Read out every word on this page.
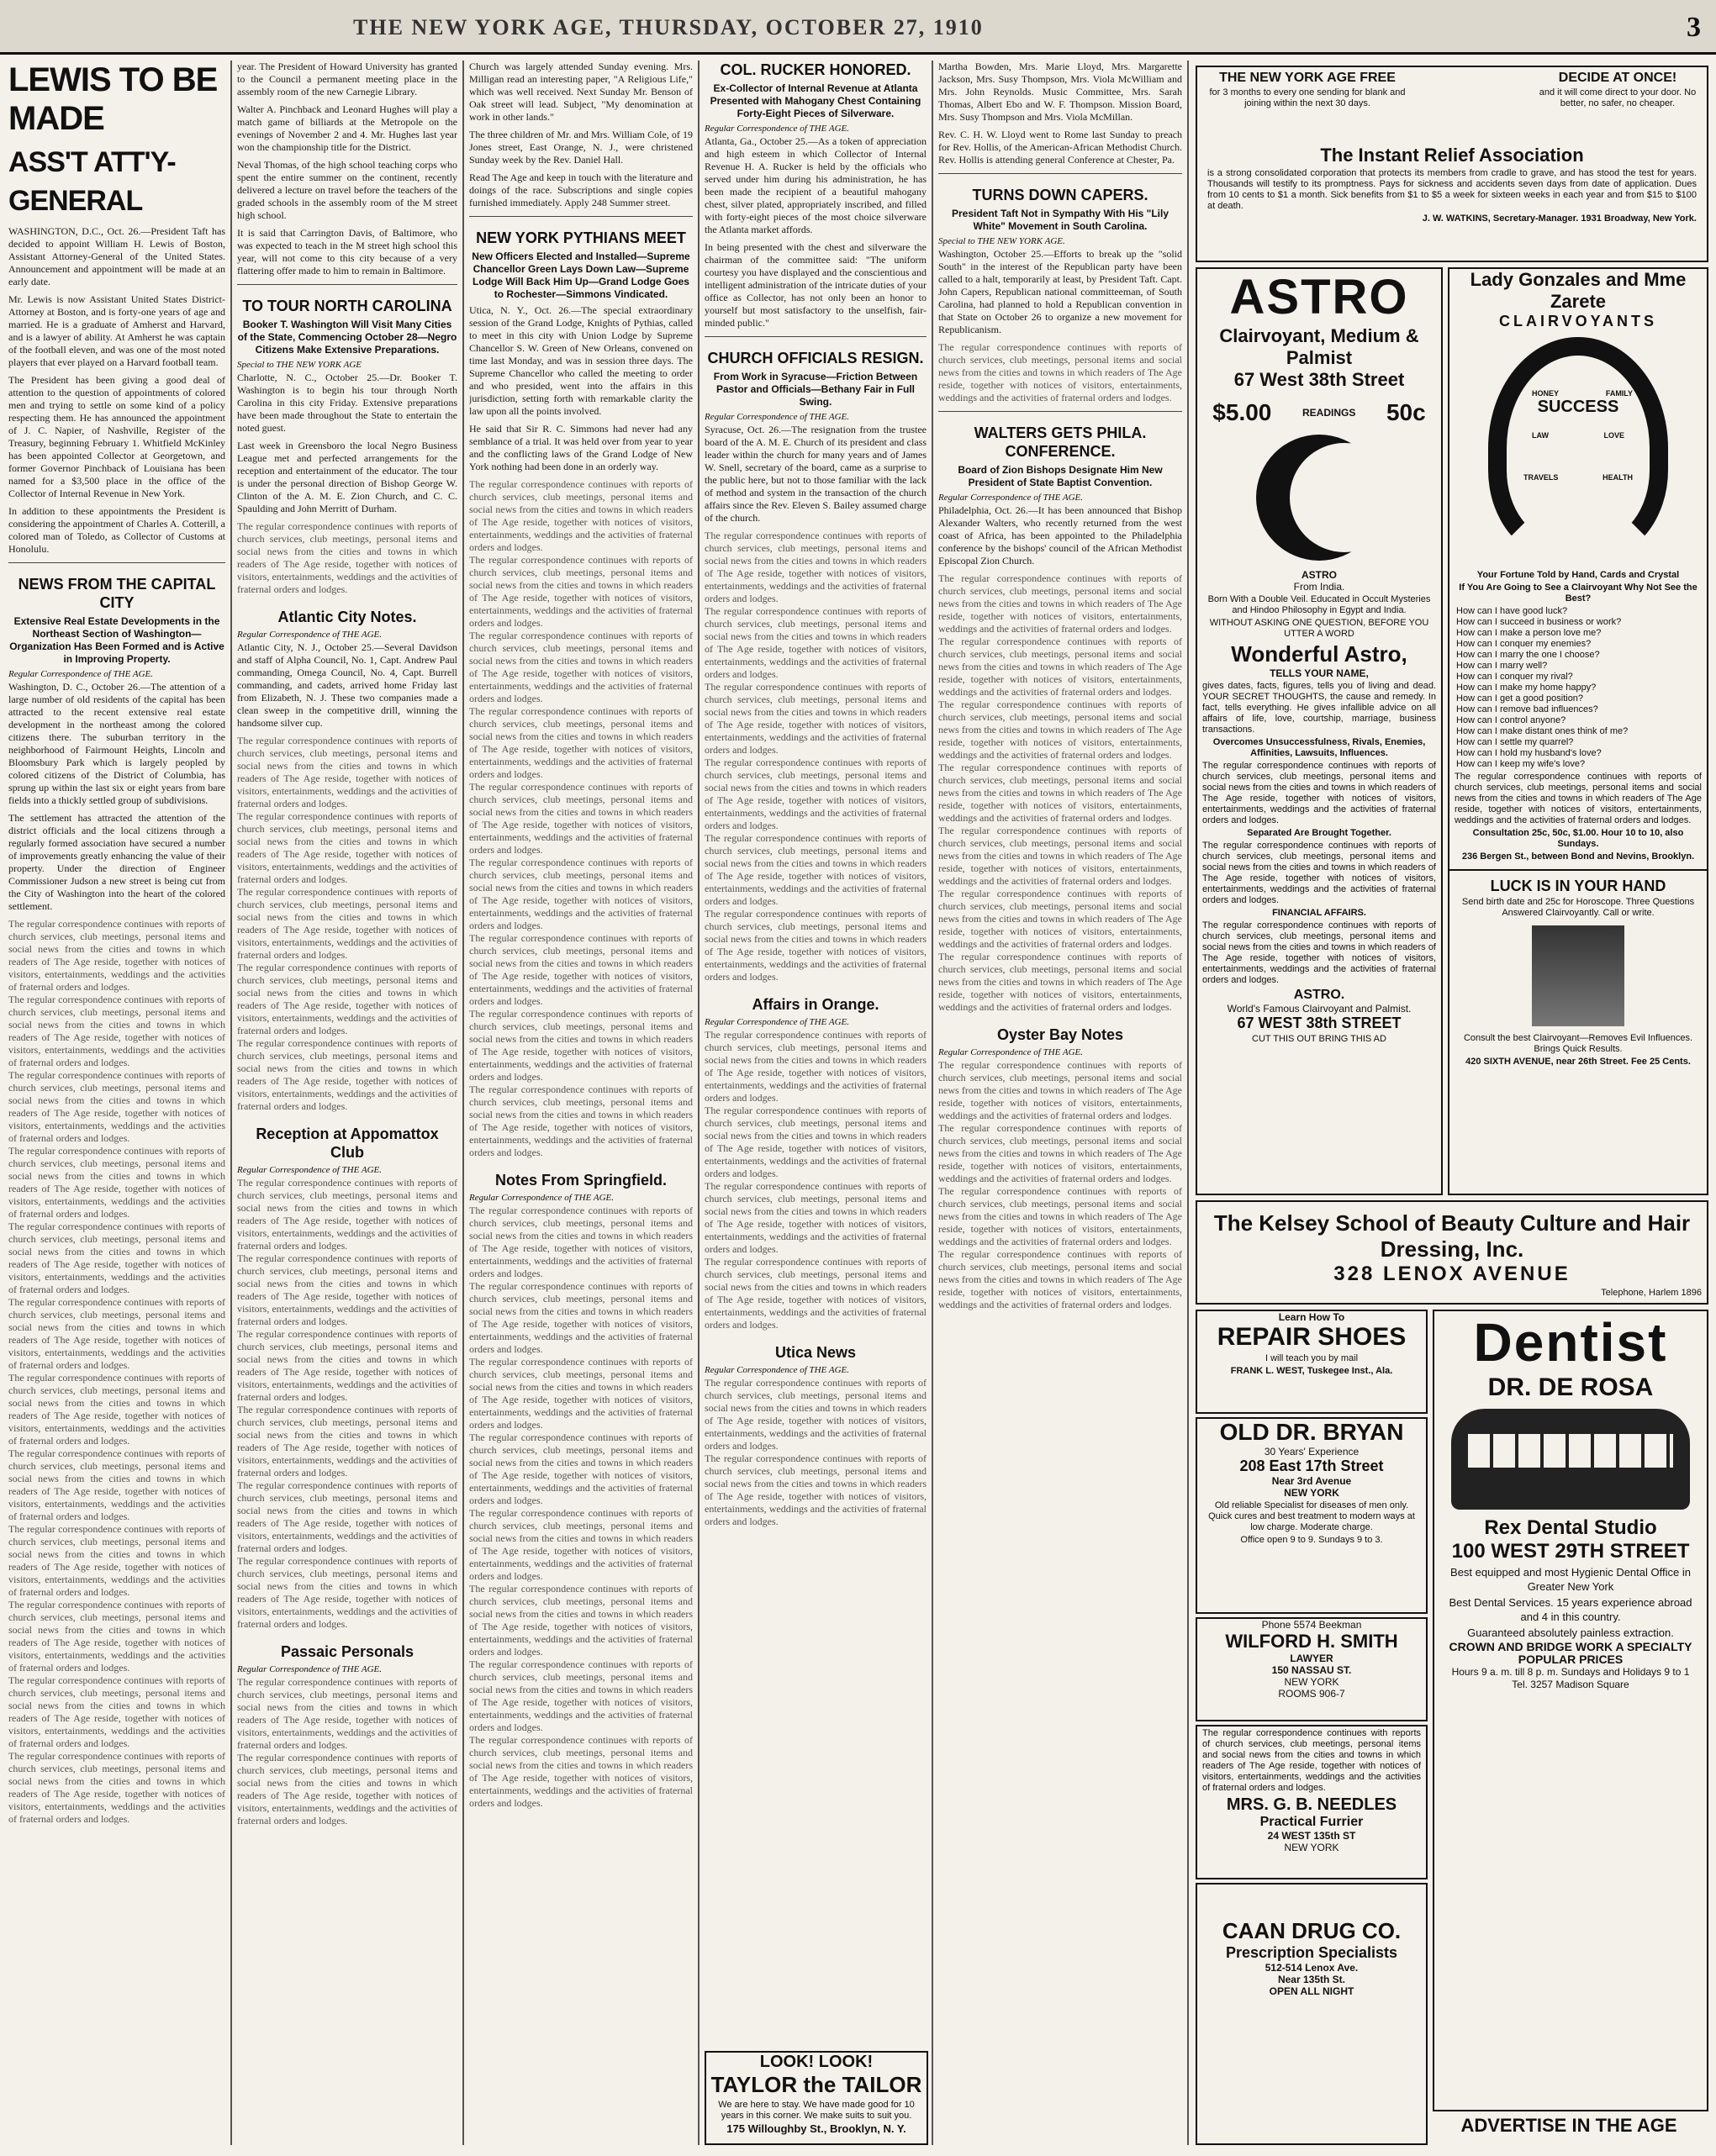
THE NEW YORK AGE, THURSDAY, OCTOBER 27, 1910	3
LEWIS TO BE MADE
ASS'T ATT'Y-GENERAL

WASHINGTON, D.C., Oct. 26.—President Taft has decided to appoint William H. Lewis of Boston, Assistant Attorney-General of the United States. Announcement and appointment will be made at an early date.

Mr. Lewis is now Assistant United States District-Attorney at Boston, and is forty-one years of age and married. He is a graduate of Amherst and Harvard, and is a lawyer of ability. At Amherst he was captain of the football eleven, and was one of the most noted players that ever played on a Harvard football team.

The President has been giving a good deal of attention to the question of appointments of colored men and trying to settle on some kind of a policy respecting them. He has announced the appointment of J. C. Napier, of Nashville, Register of the Treasury, beginning February 1. Whitfield McKinley has been appointed Collector at Georgetown, and former Governor Pinchback of Louisiana has been named for a $3,500 place in the office of the Collector of Internal Revenue in New York.

In addition to these appointments the President is considering the appointment of Charles A. Cotterill, a colored man of Toledo, as Collector of Customs at Honolulu.

NEWS FROM THE CAPITAL CITY
Extensive Real Estate Developments in the Northeast Section of Washington—Organization Has Been Formed and is Active in Improving Property.
Regular Correspondence of THE AGE.

Washington, D. C., October 26.—The attention of a large number of old residents of the capital has been attracted to the recent extensive real estate development in the northeast among the colored citizens there. The suburban territory in the neighborhood of Fairmount Heights, Lincoln and Bloomsbury Park which is largely peopled by colored citizens of the District of Columbia, has sprung up within the last six or eight years from bare fields into a thickly settled group of subdivisions.

The settlement has attracted the attention of the district officials and the local citizens through a regularly formed association have secured a number of improvements greatly enhancing the value of their property. Under the direction of Engineer Commissioner Judson a new street is being cut from the City of Washington into the heart of the colored settlement.

The regular correspondence continues with reports of church services, club meetings, personal items and social news from the cities and towns in which readers of The Age reside, together with notices of visitors, entertainments, weddings and the activities of fraternal orders and lodges.

The regular correspondence continues with reports of church services, club meetings, personal items and social news from the cities and towns in which readers of The Age reside, together with notices of visitors, entertainments, weddings and the activities of fraternal orders and lodges.

The regular correspondence continues with reports of church services, club meetings, personal items and social news from the cities and towns in which readers of The Age reside, together with notices of visitors, entertainments, weddings and the activities of fraternal orders and lodges.

The regular correspondence continues with reports of church services, club meetings, personal items and social news from the cities and towns in which readers of The Age reside, together with notices of visitors, entertainments, weddings and the activities of fraternal orders and lodges.

The regular correspondence continues with reports of church services, club meetings, personal items and social news from the cities and towns in which readers of The Age reside, together with notices of visitors, entertainments, weddings and the activities of fraternal orders and lodges.

The regular correspondence continues with reports of church services, club meetings, personal items and social news from the cities and towns in which readers of The Age reside, together with notices of visitors, entertainments, weddings and the activities of fraternal orders and lodges.

The regular correspondence continues with reports of church services, club meetings, personal items and social news from the cities and towns in which readers of The Age reside, together with notices of visitors, entertainments, weddings and the activities of fraternal orders and lodges.

The regular correspondence continues with reports of church services, club meetings, personal items and social news from the cities and towns in which readers of The Age reside, together with notices of visitors, entertainments, weddings and the activities of fraternal orders and lodges.

The regular correspondence continues with reports of church services, club meetings, personal items and social news from the cities and towns in which readers of The Age reside, together with notices of visitors, entertainments, weddings and the activities of fraternal orders and lodges.

The regular correspondence continues with reports of church services, club meetings, personal items and social news from the cities and towns in which readers of The Age reside, together with notices of visitors, entertainments, weddings and the activities of fraternal orders and lodges.

The regular correspondence continues with reports of church services, club meetings, personal items and social news from the cities and towns in which readers of The Age reside, together with notices of visitors, entertainments, weddings and the activities of fraternal orders and lodges.

The regular correspondence continues with reports of church services, club meetings, personal items and social news from the cities and towns in which readers of The Age reside, together with notices of visitors, entertainments, weddings and the activities of fraternal orders and lodges.

year. The President of Howard University has granted to the Council a permanent meeting place in the assembly room of the new Carnegie Library.

Walter A. Pinchback and Leonard Hughes will play a match game of billiards at the Metropole on the evenings of November 2 and 4. Mr. Hughes last year won the championship title for the District.

Neval Thomas, of the high school teaching corps who spent the entire summer on the continent, recently delivered a lecture on travel before the teachers of the graded schools in the assembly room of the M street high school.

It is said that Carrington Davis, of Baltimore, who was expected to teach in the M street high school this year, will not come to this city because of a very flattering offer made to him to remain in Baltimore.

TO TOUR NORTH CAROLINA
Booker T. Washington Will Visit Many Cities of the State, Commencing October 28—Negro Citizens Make Extensive Preparations.
Special to THE NEW YORK AGE

Charlotte, N. C., October 25.—Dr. Booker T. Washington is to begin his tour through North Carolina in this city Friday. Extensive preparations have been made throughout the State to entertain the noted guest.

Last week in Greensboro the local Negro Business League met and perfected arrangements for the reception and entertainment of the educator. The tour is under the personal direction of Bishop George W. Clinton of the A. M. E. Zion Church, and C. C. Spaulding and John Merritt of Durham.

The regular correspondence continues with reports of church services, club meetings, personal items and social news from the cities and towns in which readers of The Age reside, together with notices of visitors, entertainments, weddings and the activities of fraternal orders and lodges.

Atlantic City Notes.
Regular Correspondence of THE AGE.

Atlantic City, N. J., October 25.—Several Davidson and staff of Alpha Council, No. 1, Capt. Andrew Paul commanding, Omega Council, No. 4, Capt. Burrell commanding, and cadets, arrived home Friday last from Elizabeth, N. J. These two companies made a clean sweep in the competitive drill, winning the handsome silver cup.

The regular correspondence continues with reports of church services, club meetings, personal items and social news from the cities and towns in which readers of The Age reside, together with notices of visitors, entertainments, weddings and the activities of fraternal orders and lodges.

The regular correspondence continues with reports of church services, club meetings, personal items and social news from the cities and towns in which readers of The Age reside, together with notices of visitors, entertainments, weddings and the activities of fraternal orders and lodges.

The regular correspondence continues with reports of church services, club meetings, personal items and social news from the cities and towns in which readers of The Age reside, together with notices of visitors, entertainments, weddings and the activities of fraternal orders and lodges.

The regular correspondence continues with reports of church services, club meetings, personal items and social news from the cities and towns in which readers of The Age reside, together with notices of visitors, entertainments, weddings and the activities of fraternal orders and lodges.

The regular correspondence continues with reports of church services, club meetings, personal items and social news from the cities and towns in which readers of The Age reside, together with notices of visitors, entertainments, weddings and the activities of fraternal orders and lodges.

Reception at Appomattox Club
Regular Correspondence of THE AGE.

The regular correspondence continues with reports of church services, club meetings, personal items and social news from the cities and towns in which readers of The Age reside, together with notices of visitors, entertainments, weddings and the activities of fraternal orders and lodges.

The regular correspondence continues with reports of church services, club meetings, personal items and social news from the cities and towns in which readers of The Age reside, together with notices of visitors, entertainments, weddings and the activities of fraternal orders and lodges.

The regular correspondence continues with reports of church services, club meetings, personal items and social news from the cities and towns in which readers of The Age reside, together with notices of visitors, entertainments, weddings and the activities of fraternal orders and lodges.

The regular correspondence continues with reports of church services, club meetings, personal items and social news from the cities and towns in which readers of The Age reside, together with notices of visitors, entertainments, weddings and the activities of fraternal orders and lodges.

The regular correspondence continues with reports of church services, club meetings, personal items and social news from the cities and towns in which readers of The Age reside, together with notices of visitors, entertainments, weddings and the activities of fraternal orders and lodges.

The regular correspondence continues with reports of church services, club meetings, personal items and social news from the cities and towns in which readers of The Age reside, together with notices of visitors, entertainments, weddings and the activities of fraternal orders and lodges.

Passaic Personals
Regular Correspondence of THE AGE.

The regular correspondence continues with reports of church services, club meetings, personal items and social news from the cities and towns in which readers of The Age reside, together with notices of visitors, entertainments, weddings and the activities of fraternal orders and lodges.

The regular correspondence continues with reports of church services, club meetings, personal items and social news from the cities and towns in which readers of The Age reside, together with notices of visitors, entertainments, weddings and the activities of fraternal orders and lodges.

Church was largely attended Sunday evening. Mrs. Milligan read an interesting paper, "A Religious Life," which was well received. Next Sunday Mr. Benson of Oak street will lead. Subject, "My denomination at work in other lands."

The three children of Mr. and Mrs. William Cole, of 19 Jones street, East Orange, N. J., were christened Sunday week by the Rev. Daniel Hall.

Read The Age and keep in touch with the literature and doings of the race. Subscriptions and single copies furnished immediately. Apply 248 Summer street.

NEW YORK PYTHIANS MEET
New Officers Elected and Installed—Supreme Chancellor Green Lays Down Law—Supreme Lodge Will Back Him Up—Grand Lodge Goes to Rochester—Simmons Vindicated.

Utica, N. Y., Oct. 26.—The special extraordinary session of the Grand Lodge, Knights of Pythias, called to meet in this city with Union Lodge by Supreme Chancellor S. W. Green of New Orleans, convened on time last Monday, and was in session three days. The Supreme Chancellor who called the meeting to order and who presided, went into the affairs in this jurisdiction, setting forth with remarkable clarity the law upon all the points involved.

He said that Sir R. C. Simmons had never had any semblance of a trial. It was held over from year to year and the conflicting laws of the Grand Lodge of New York nothing had been done in an orderly way.

The regular correspondence continues with reports of church services, club meetings, personal items and social news from the cities and towns in which readers of The Age reside, together with notices of visitors, entertainments, weddings and the activities of fraternal orders and lodges.

The regular correspondence continues with reports of church services, club meetings, personal items and social news from the cities and towns in which readers of The Age reside, together with notices of visitors, entertainments, weddings and the activities of fraternal orders and lodges.

The regular correspondence continues with reports of church services, club meetings, personal items and social news from the cities and towns in which readers of The Age reside, together with notices of visitors, entertainments, weddings and the activities of fraternal orders and lodges.

The regular correspondence continues with reports of church services, club meetings, personal items and social news from the cities and towns in which readers of The Age reside, together with notices of visitors, entertainments, weddings and the activities of fraternal orders and lodges.

The regular correspondence continues with reports of church services, club meetings, personal items and social news from the cities and towns in which readers of The Age reside, together with notices of visitors, entertainments, weddings and the activities of fraternal orders and lodges.

The regular correspondence continues with reports of church services, club meetings, personal items and social news from the cities and towns in which readers of The Age reside, together with notices of visitors, entertainments, weddings and the activities of fraternal orders and lodges.

The regular correspondence continues with reports of church services, club meetings, personal items and social news from the cities and towns in which readers of The Age reside, together with notices of visitors, entertainments, weddings and the activities of fraternal orders and lodges.

The regular correspondence continues with reports of church services, club meetings, personal items and social news from the cities and towns in which readers of The Age reside, together with notices of visitors, entertainments, weddings and the activities of fraternal orders and lodges.

The regular correspondence continues with reports of church services, club meetings, personal items and social news from the cities and towns in which readers of The Age reside, together with notices of visitors, entertainments, weddings and the activities of fraternal orders and lodges.

Notes From Springfield.
Regular Correspondence of THE AGE.

The regular correspondence continues with reports of church services, club meetings, personal items and social news from the cities and towns in which readers of The Age reside, together with notices of visitors, entertainments, weddings and the activities of fraternal orders and lodges.

The regular correspondence continues with reports of church services, club meetings, personal items and social news from the cities and towns in which readers of The Age reside, together with notices of visitors, entertainments, weddings and the activities of fraternal orders and lodges.

The regular correspondence continues with reports of church services, club meetings, personal items and social news from the cities and towns in which readers of The Age reside, together with notices of visitors, entertainments, weddings and the activities of fraternal orders and lodges.

The regular correspondence continues with reports of church services, club meetings, personal items and social news from the cities and towns in which readers of The Age reside, together with notices of visitors, entertainments, weddings and the activities of fraternal orders and lodges.

The regular correspondence continues with reports of church services, club meetings, personal items and social news from the cities and towns in which readers of The Age reside, together with notices of visitors, entertainments, weddings and the activities of fraternal orders and lodges.

The regular correspondence continues with reports of church services, club meetings, personal items and social news from the cities and towns in which readers of The Age reside, together with notices of visitors, entertainments, weddings and the activities of fraternal orders and lodges.

The regular correspondence continues with reports of church services, club meetings, personal items and social news from the cities and towns in which readers of The Age reside, together with notices of visitors, entertainments, weddings and the activities of fraternal orders and lodges.

The regular correspondence continues with reports of church services, club meetings, personal items and social news from the cities and towns in which readers of The Age reside, together with notices of visitors, entertainments, weddings and the activities of fraternal orders and lodges.

COL. RUCKER HONORED.
Ex-Collector of Internal Revenue at Atlanta Presented with Mahogany Chest Containing Forty-Eight Pieces of Silverware.
Regular Correspondence of THE AGE.

Atlanta, Ga., October 25.—As a token of appreciation and high esteem in which Collector of Internal Revenue H. A. Rucker is held by the officials who served under him during his administration, he has been made the recipient of a beautiful mahogany chest, silver plated, appropriately inscribed, and filled with forty-eight pieces of the most choice silverware the Atlanta market affords.

In being presented with the chest and silverware the chairman of the committee said: "The uniform courtesy you have displayed and the conscientious and intelligent administration of the intricate duties of your office as Collector, has not only been an honor to yourself but most satisfactory to the unselfish, fair-minded public."

CHURCH OFFICIALS RESIGN.
From Work in Syracuse—Friction Between Pastor and Officials—Bethany Fair in Full Swing.
Regular Correspondence of THE AGE.

Syracuse, Oct. 26.—The resignation from the trustee board of the A. M. E. Church of its president and class leader within the church for many years and of James W. Snell, secretary of the board, came as a surprise to the public here, but not to those familiar with the lack of method and system in the transaction of the church affairs since the Rev. Eleven S. Bailey assumed charge of the church.

The regular correspondence continues with reports of church services, club meetings, personal items and social news from the cities and towns in which readers of The Age reside, together with notices of visitors, entertainments, weddings and the activities of fraternal orders and lodges.

The regular correspondence continues with reports of church services, club meetings, personal items and social news from the cities and towns in which readers of The Age reside, together with notices of visitors, entertainments, weddings and the activities of fraternal orders and lodges.

The regular correspondence continues with reports of church services, club meetings, personal items and social news from the cities and towns in which readers of The Age reside, together with notices of visitors, entertainments, weddings and the activities of fraternal orders and lodges.

The regular correspondence continues with reports of church services, club meetings, personal items and social news from the cities and towns in which readers of The Age reside, together with notices of visitors, entertainments, weddings and the activities of fraternal orders and lodges.

The regular correspondence continues with reports of church services, club meetings, personal items and social news from the cities and towns in which readers of The Age reside, together with notices of visitors, entertainments, weddings and the activities of fraternal orders and lodges.

The regular correspondence continues with reports of church services, club meetings, personal items and social news from the cities and towns in which readers of The Age reside, together with notices of visitors, entertainments, weddings and the activities of fraternal orders and lodges.

Affairs in Orange.
Regular Correspondence of THE AGE.

The regular correspondence continues with reports of church services, club meetings, personal items and social news from the cities and towns in which readers of The Age reside, together with notices of visitors, entertainments, weddings and the activities of fraternal orders and lodges.

The regular correspondence continues with reports of church services, club meetings, personal items and social news from the cities and towns in which readers of The Age reside, together with notices of visitors, entertainments, weddings and the activities of fraternal orders and lodges.

The regular correspondence continues with reports of church services, club meetings, personal items and social news from the cities and towns in which readers of The Age reside, together with notices of visitors, entertainments, weddings and the activities of fraternal orders and lodges.

The regular correspondence continues with reports of church services, club meetings, personal items and social news from the cities and towns in which readers of The Age reside, together with notices of visitors, entertainments, weddings and the activities of fraternal orders and lodges.

Utica News
Regular Correspondence of THE AGE.

The regular correspondence continues with reports of church services, club meetings, personal items and social news from the cities and towns in which readers of The Age reside, together with notices of visitors, entertainments, weddings and the activities of fraternal orders and lodges.

The regular correspondence continues with reports of church services, club meetings, personal items and social news from the cities and towns in which readers of The Age reside, together with notices of visitors, entertainments, weddings and the activities of fraternal orders and lodges.

LOOK! LOOK!
TAYLOR the TAILOR

We are here to stay. We have made good for 10 years in this corner. We make suits to suit you.

175 Willoughby St., Brooklyn, N. Y.

Martha Bowden, Mrs. Marie Lloyd, Mrs. Margarette Jackson, Mrs. Susy Thompson, Mrs. Viola McWilliam and Mrs. John Reynolds. Music Committee, Mrs. Sarah Thomas, Albert Ebo and W. F. Thompson. Mission Board, Mrs. Susy Thompson and Mrs. Viola McMillan.

Rev. C. H. W. Lloyd went to Rome last Sunday to preach for Rev. Hollis, of the American-African Methodist Church. Rev. Hollis is attending general Conference at Chester, Pa.

TURNS DOWN CAPERS.
President Taft Not in Sympathy With His "Lily White" Movement in South Carolina.
Special to THE NEW YORK AGE.

Washington, October 25.—Efforts to break up the "solid South" in the interest of the Republican party have been called to a halt, temporarily at least, by President Taft. Capt. John Capers, Republican national committeeman, of South Carolina, had planned to hold a Republican convention in that State on October 26 to organize a new movement for Republicanism.

The regular correspondence continues with reports of church services, club meetings, personal items and social news from the cities and towns in which readers of The Age reside, together with notices of visitors, entertainments, weddings and the activities of fraternal orders and lodges.

WALTERS GETS PHILA. CONFERENCE.
Board of Zion Bishops Designate Him New President of State Baptist Convention.
Regular Correspondence of THE AGE.

Philadelphia, Oct. 26.—It has been announced that Bishop Alexander Walters, who recently returned from the west coast of Africa, has been appointed to the Philadelphia conference by the bishops' council of the African Methodist Episcopal Zion Church.

The regular correspondence continues with reports of church services, club meetings, personal items and social news from the cities and towns in which readers of The Age reside, together with notices of visitors, entertainments, weddings and the activities of fraternal orders and lodges.

The regular correspondence continues with reports of church services, club meetings, personal items and social news from the cities and towns in which readers of The Age reside, together with notices of visitors, entertainments, weddings and the activities of fraternal orders and lodges.

The regular correspondence continues with reports of church services, club meetings, personal items and social news from the cities and towns in which readers of The Age reside, together with notices of visitors, entertainments, weddings and the activities of fraternal orders and lodges.

The regular correspondence continues with reports of church services, club meetings, personal items and social news from the cities and towns in which readers of The Age reside, together with notices of visitors, entertainments, weddings and the activities of fraternal orders and lodges.

The regular correspondence continues with reports of church services, club meetings, personal items and social news from the cities and towns in which readers of The Age reside, together with notices of visitors, entertainments, weddings and the activities of fraternal orders and lodges.

The regular correspondence continues with reports of church services, club meetings, personal items and social news from the cities and towns in which readers of The Age reside, together with notices of visitors, entertainments, weddings and the activities of fraternal orders and lodges.

The regular correspondence continues with reports of church services, club meetings, personal items and social news from the cities and towns in which readers of The Age reside, together with notices of visitors, entertainments, weddings and the activities of fraternal orders and lodges.

Oyster Bay Notes
Regular Correspondence of THE AGE.

The regular correspondence continues with reports of church services, club meetings, personal items and social news from the cities and towns in which readers of The Age reside, together with notices of visitors, entertainments, weddings and the activities of fraternal orders and lodges.

The regular correspondence continues with reports of church services, club meetings, personal items and social news from the cities and towns in which readers of The Age reside, together with notices of visitors, entertainments, weddings and the activities of fraternal orders and lodges.

The regular correspondence continues with reports of church services, club meetings, personal items and social news from the cities and towns in which readers of The Age reside, together with notices of visitors, entertainments, weddings and the activities of fraternal orders and lodges.

The regular correspondence continues with reports of church services, club meetings, personal items and social news from the cities and towns in which readers of The Age reside, together with notices of visitors, entertainments, weddings and the activities of fraternal orders and lodges.

THE NEW YORK AGE FREE

for 3 months to every one sending for blank and joining within the next 30 days.

DECIDE AT ONCE!

and it will come direct to your door. No better, no safer, no cheaper.

The Instant Relief Association

is a strong consolidated corporation that protects its members from cradle to grave, and has stood the test for years. Thousands will testify to its promptness. Pays for sickness and accidents seven days from date of application. Dues from 10 cents to $1 a month. Sick benefits from $1 to $5 a week for sixteen weeks in each year and from $15 to $100 at death.

J. W. WATKINS, Secretary-Manager. 1931 Broadway, New York.

ASTRO
Clairvoyant, Medium & Palmist
67 West 38th Street
$5.00	READINGS 50c
ASTRO
From India.

Born With a Double Veil. Educated in Occult Mysteries and Hindoo Philosophy in Egypt and India.

WITHOUT ASKING ONE QUESTION, BEFORE YOU UTTER A WORD

Wonderful Astro,
TELLS YOUR NAME,

gives dates, facts, figures, tells you of living and dead. YOUR SECRET THOUGHTS, the cause and remedy. In fact, tells everything. He gives infallible advice on all affairs of life, love, courtship, marriage, business transactions.

Overcomes Unsuccessfulness, Rivals, Enemies, Affinities, Lawsuits, Influences.

The regular correspondence continues with reports of church services, club meetings, personal items and social news from the cities and towns in which readers of The Age reside, together with notices of visitors, entertainments, weddings and the activities of fraternal orders and lodges.

Separated Are Brought Together.

The regular correspondence continues with reports of church services, club meetings, personal items and social news from the cities and towns in which readers of The Age reside, together with notices of visitors, entertainments, weddings and the activities of fraternal orders and lodges.

FINANCIAL AFFAIRS.

The regular correspondence continues with reports of church services, club meetings, personal items and social news from the cities and towns in which readers of The Age reside, together with notices of visitors, entertainments, weddings and the activities of fraternal orders and lodges.

ASTRO.
World's Famous Clairvoyant and Palmist.
67 WEST 38th STREET

CUT THIS OUT BRING THIS AD

Lady Gonzales and Mme Zarete
CLAIRVOYANTS
HONEY	FAMILY
LAW	LOVE
TRAVELS	HEALTH
SUCCESS

Your Fortune Told by Hand, Cards and Crystal

If You Are Going to See a Clairvoyant Why Not See the Best?

How can I have good luck?
How can I succeed in business or work?
How can I make a person love me?
How can I conquer my enemies?
How can I marry the one I choose?
How can I marry well?
How can I conquer my rival?
How can I make my home happy?
How can I get a good position?
How can I remove bad influences?
How can I control anyone?
How can I make distant ones think of me?
How can I settle my quarrel?
How can I hold my husband's love?
How can I keep my wife's love?

The regular correspondence continues with reports of church services, club meetings, personal items and social news from the cities and towns in which readers of The Age reside, together with notices of visitors, entertainments, weddings and the activities of fraternal orders and lodges.

Consultation 25c, 50c, $1.00. Hour 10 to 10, also Sundays.

236 Bergen St., between Bond and Nevins, Brooklyn.

LUCK IS IN YOUR HAND

Send birth date and 25c for Horoscope. Three Questions Answered Clairvoyantly. Call or write.

Consult the best Clairvoyant—Removes Evil Influences. Brings Quick Results.

420 SIXTH AVENUE, near 26th Street. Fee 25 Cents.

The Kelsey School of Beauty Culture and Hair Dressing, Inc.
328 LENOX AVENUE

Telephone, Harlem 1896

Learn How To
REPAIR SHOES

I will teach you by mail

FRANK L. WEST, Tuskegee Inst., Ala.

OLD DR. BRYAN
30 Years' Experience
208 East 17th Street
Near 3rd Avenue
NEW YORK

Old reliable Specialist for diseases of men only. Quick cures and best treatment to modern ways at low charge. Moderate charge.

Office open 9 to 9. Sundays 9 to 3.

Phone 5574 Beekman
WILFORD H. SMITH
LAWYER
150 NASSAU ST.
NEW YORK
ROOMS 906-7

The regular correspondence continues with reports of church services, club meetings, personal items and social news from the cities and towns in which readers of The Age reside, together with notices of visitors, entertainments, weddings and the activities of fraternal orders and lodges.

MRS. G. B. NEEDLES
Practical Furrier
24 WEST 135th ST
NEW YORK
CAAN DRUG CO.
Prescription Specialists
512-514 Lenox Ave.
Near 135th St.
OPEN ALL NIGHT
Dentist
DR. DE ROSA
Rex Dental Studio
100 WEST 29TH STREET

Best equipped and most Hygienic Dental Office in Greater New York

Best Dental Services. 15 years experience abroad and 4 in this country.

Guaranteed absolutely painless extraction.

CROWN AND BRIDGE WORK A SPECIALTY

POPULAR PRICES

Hours 9 a. m. till 8 p. m. Sundays and Holidays 9 to 1

Tel. 3257 Madison Square

ADVERTISE IN THE AGE
